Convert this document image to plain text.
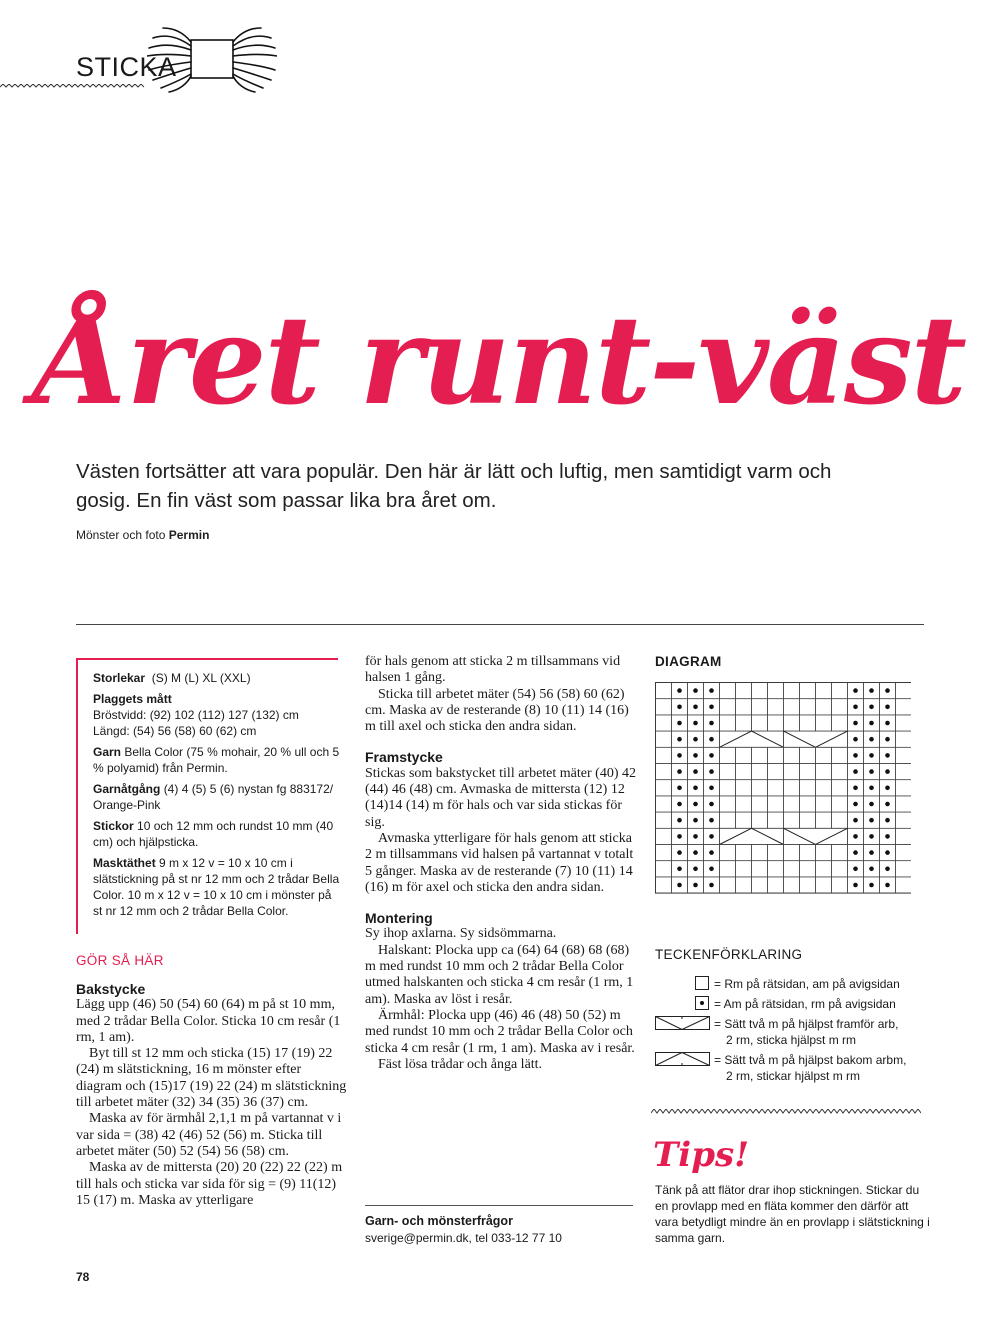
STICKA
Året runt-väst
Västen fortsätter att vara populär. Den här är lätt och luftig, men samtidigt varm och gosig. En fin väst som passar lika bra året om.
Mönster och foto Permin

Storlekar (S) M (L) XL (XXL)

Plaggets mått

Bröstvidd: (92) 102 (112) 127 (132) cm

Längd: (54) 56 (58) 60 (62) cm

Garn Bella Color (75 % mohair, 20 % ull och 5 % polyamid) från Permin.

Garnåtgång (4) 4 (5) 5 (6) nystan fg 883172/ Orange-Pink

Stickor 10 och 12 mm och rundst 10 mm (40 cm) och hjälpsticka.

Masktäthet 9 m x 12 v = 10 x 10 cm i slätstickning på st nr 12 mm och 2 trådar Bella Color. 10 m x 12 v = 10 x 10 cm i mönster på st nr 12 mm och 2 trådar Bella Color.

GÖR SÅ HÄR

Bakstycke

Lägg upp (46) 50 (54) 60 (64) m på st 10 mm, med 2 trådar Bella Color. Sticka 10 cm resår (1 rm, 1 am).

Byt till st 12 mm och sticka (15) 17 (19) 22 (24) m slätstickning, 16 m mönster efter diagram och (15)17 (19) 22 (24) m slätstickning till arbetet mäter (32) 34 (35) 36 (37) cm.

Maska av för ärmhål 2,1,1 m på vartannat v i var sida = (38) 42 (46) 52 (56) m. Sticka till arbetet mäter (50) 52 (54) 56 (58) cm.

Maska av de mittersta (20) 20 (22) 22 (22) m till hals och sticka var sida för sig = (9) 11(12) 15 (17) m. Maska av ytterligare

för hals genom att sticka 2 m tillsammans vid halsen 1 gång.

Sticka till arbetet mäter (54) 56 (58) 60 (62) cm. Maska av de resterande (8) 10 (11) 14 (16) m till axel och sticka den andra sidan.

Framstycke

Stickas som bakstycket till arbetet mäter (40) 42 (44) 46 (48) cm. Avmaska de mittersta (12) 12 (14)14 (14) m för hals och var sida stickas för sig.

Avmaska ytterligare för hals genom att sticka 2 m tillsammans vid halsen på vartannat v totalt 5 gånger. Maska av de resterande (7) 10 (11) 14 (16) m för axel och sticka den andra sidan.

Montering

Sy ihop axlarna. Sy sidsömmarna.

Halskant: Plocka upp ca (64) 64 (68) 68 (68) m med rundst 10 mm och 2 trådar Bella Color utmed halskanten och sticka 4 cm resår (1 rm, 1 am). Maska av löst i resår.

Ärmhål: Plocka upp (46) 46 (48) 50 (52) m med rundst 10 mm och 2 trådar Bella Color och sticka 4 cm resår (1 rm, 1 am). Maska av i resår.

Fäst lösa trådar och ånga lätt.

Garn- och mönsterfrågor
sverige@permin.dk, tel 033-12 77 10
DIAGRAM
TECKENFÖRKLARING
= Rm på rätsidan, am på avigsidan
= Am på rätsidan, rm på avigsidan
= Sätt två m på hjälpst framför arb,
2 rm, sticka hjälpst m rm
= Sätt två m på hjälpst bakom arbm,
2 rm, stickar hjälpst m rm
Tips!
Tänk på att flätor drar ihop stickningen. Stickar du en provlapp med en fläta kommer den därför att vara betydligt mindre än en provlapp i slätstickning i samma garn.
78
